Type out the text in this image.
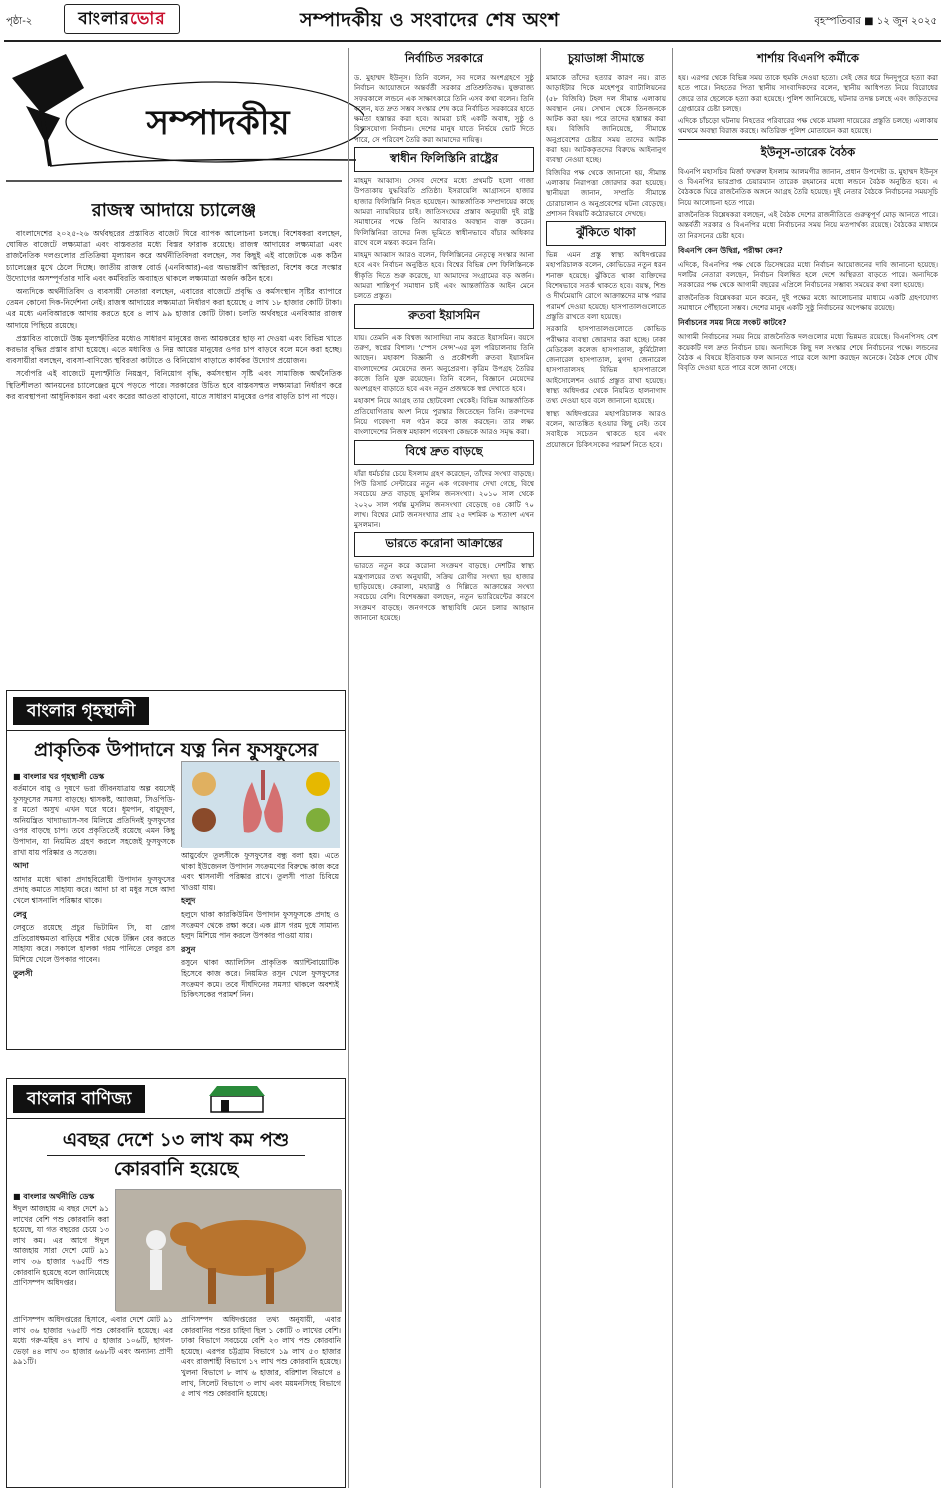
পৃষ্ঠা-২	বাংলারভোর	সম্পাদকীয় ও সংবাদের শেষ অংশ	বৃহস্পতিবার ■ ১২ জুন ২০২৫
সম্পাদকীয়
রাজস্ব আদায়ে চ্যালেঞ্জ

বাংলাদেশের ২০২৫-২৬ অর্থবছরের প্রস্তাবিত বাজেট ঘিরে ব্যাপক আলোচনা চলছে। বিশেষকরা বলছেন, ঘোষিত বাজেটে লক্ষ্যমাত্রা এবং বাস্তবতার মধ্যে বিস্তর ফারাক রয়েছে। রাজস্ব আদায়ের লক্ষ্যমাত্রা এবং রাজনৈতিক দলগুলোর প্রতিক্রিয়া মূল্যায়ন করে অর্থনীতিবিদরা বলছেন, সব কিছুই এই বাজেটকে এক কঠিন চ্যালেঞ্জের মুখে ঠেলে দিচ্ছে। জাতীয় রাজস্ব বোর্ড (এনবিআর)-এর অভ্যন্তরীণ অস্থিরতা, বিশেষ করে সংস্কার উদ্যোগের অসম্পূর্ণতার দাবি এবং কর্মবিরতি অব্যাহত থাকলে লক্ষ্যমাত্রা অর্জন কঠিন হবে।

অন্যদিকে অর্থনীতিবিদ ও ব্যবসায়ী নেতারা বলছেন, এবারের বাজেটে প্রবৃদ্ধি ও কর্মসংস্থান সৃষ্টির ব্যাপারে তেমন কোনো দিক-নির্দেশনা নেই। রাজস্ব আদায়ের লক্ষ্যমাত্রা নির্ধারণ করা হয়েছে ৫ লাখ ১৮ হাজার কোটি টাকা। এর মধ্যে এনবিআরকে আদায় করতে হবে ৪ লাখ ৯৯ হাজার কোটি টাকা। চলতি অর্থবছরে এনবিআর রাজস্ব আদায়ে পিছিয়ে রয়েছে।

প্রস্তাবিত বাজেটে উচ্চ মূল্যস্ফীতির মধ্যেও সাধারণ মানুষের জন্য আয়করের ছাড় না দেওয়া এবং বিভিন্ন খাতে করভার বৃদ্ধির প্রস্তাব রাখা হয়েছে। এতে মধ্যবিত্ত ও নিম্ন আয়ের মানুষের ওপর চাপ বাড়বে বলে মনে করা হচ্ছে। ব্যবসায়ীরা বলছেন, ব্যবসা-বাণিজ্যে স্থবিরতা কাটাতে ও বিনিয়োগ বাড়াতে কার্যকর উদ্যোগ প্রয়োজন।

সর্বোপরি এই বাজেটে মূল্যস্ফীতি নিয়ন্ত্রণ, বিনিয়োগ বৃদ্ধি, কর্মসংস্থান সৃষ্টি এবং সামাজিক অর্থনৈতিক স্থিতিশীলতা আনয়নের চ্যালেঞ্জের মুখে পড়তে পারে। সরকারের উচিত হবে বাস্তবসম্মত লক্ষ্যমাত্রা নির্ধারণ করে কর ব্যবস্থাপনা আধুনিকায়ন করা এবং করের আওতা বাড়ানো, যাতে সাধারণ মানুষের ওপর বাড়তি চাপ না পড়ে।

বাংলার গৃহস্থালী
প্রাকৃতিক উপাদানে যত্ন নিন ফুসফুসের
■ বাংলার ঘর গৃহস্থালী ডেস্ক

বর্তমানে বায়ু ও দূষণে ভরা জীবনযাত্রায় অল্প বয়সেই ফুসফুসের সমস্যা বাড়ছে। শ্বাসকষ্ট, অ্যাজমা, সিওপিডি-র মতো অসুখ এখন ঘরে ঘরে। ধূমপান, বায়ুদূষণ, অনিয়ন্ত্রিত খাদ্যাভ্যাস-সব মিলিয়ে প্রতিদিনই ফুসফুসের ওপর বাড়ছে চাপ। তবে প্রকৃতিতেই রয়েছে এমন কিছু উপাদান, যা নিয়মিত গ্রহণ করলে সহজেই ফুসফুসকে রাখা যায় পরিষ্কার ও সতেজ।

আদা

আদার মধ্যে থাকা প্রদাহবিরোধী উপাদান ফুসফুসের প্রদাহ কমাতে সাহায্য করে। আদা চা বা মধুর সঙ্গে আদা খেলে শ্বাসনালি পরিষ্কার থাকে।

লেবু

লেবুতে রয়েছে প্রচুর ভিটামিন সি, যা রোগ প্রতিরোধক্ষমতা বাড়িয়ে শরীর থেকে টক্সিন বের করতে সাহায্য করে। সকালে হালকা গরম পানিতে লেবুর রস মিশিয়ে খেলে উপকার পাবেন।

তুলসী

আয়ুর্বেদে তুলসীকে ফুসফুসের বন্ধু বলা হয়। এতে থাকা ইউজেনল উপাদান সংক্রমণের বিরুদ্ধে কাজ করে এবং শ্বাসনালী পরিষ্কার রাখে। তুলসী পাতা চিবিয়ে খাওয়া যায়।

হলুদ

হলুদে থাকা কারকিউমিন উপাদান ফুসফুসকে প্রদাহ ও সংক্রমণ থেকে রক্ষা করে। এক গ্লাস গরম দুধে সামান্য হলুদ মিশিয়ে পান করলে উপকার পাওয়া যায়।

রসুন

রসুনে থাকা অ্যালিসিন প্রাকৃতিক অ্যান্টিবায়োটিক হিসেবে কাজ করে। নিয়মিত রসুন খেলে ফুসফুসের সংক্রমণ কমে। তবে দীর্ঘদিনের সমস্যা থাকলে অবশ্যই চিকিৎসকের পরামর্শ নিন।

বাংলার বাণিজ্য
এবছর দেশে ১৩ লাখ কম পশু
কোরবানি হয়েছে
■ বাংলার অর্থনীতি ডেস্ক

ঈদুল আজহায় এ বছর দেশে ৯১ লাখের বেশি পশু কোরবানি করা হয়েছে, যা গত বছরের চেয়ে ১৩ লাখ কম। এর আগে ঈদুল আজহায় সারা দেশে মোট ৯১ লাখ ৩৬ হাজার ৭৬৫টি পশু কোরবানি হয়েছে বলে জানিয়েছে প্রাণিসম্পদ অধিদপ্তর।

প্রাণিসম্পদ অধিদপ্তরের হিসাবে, এবার দেশে মোট ৯১ লাখ ৩৬ হাজার ৭৬৫টি পশু কোরবানি হয়েছে। এর মধ্যে গরু-মহিষ ৪৭ লাখ ৫ হাজার ১০৬টি, ছাগল-ভেড়া ৪৪ লাখ ৩০ হাজার ৬৬৮টি এবং অন্যান্য প্রাণী ৯৯১টি।

প্রাণিসম্পদ অধিদপ্তরের তথ্য অনুযায়ী, এবার কোরবানির পশুর চাহিদা ছিল ১ কোটি ৩ লাখের বেশি। ঢাকা বিভাগে সবচেয়ে বেশি ২৩ লাখ পশু কোরবানি হয়েছে। এরপর চট্টগ্রাম বিভাগে ১৯ লাখ ৫৩ হাজার এবং রাজশাহী বিভাগে ১৭ লাখ পশু কোরবানি হয়েছে। খুলনা বিভাগে ৮ লাখ ৬ হাজার, বরিশাল বিভাগে ৪ লাখ, সিলেট বিভাগে ৩ লাখ এবং ময়মনসিংহ বিভাগে ৫ লাখ পশু কোরবানি হয়েছে।

নির্বাচিত সরকারে

ড. মুহাম্মদ ইউনূস। তিনি বলেন, সব দলের অংশগ্রহণে সুষ্ঠু নির্বাচন আয়োজনে অন্তর্বর্তী সরকার প্রতিশ্রুতিবদ্ধ। যুক্তরাজ্য সফরকালে লন্ডনে এক সাক্ষাৎকারে তিনি এসব কথা বলেন। তিনি বলেন, যত দ্রুত সম্ভব সংস্কার শেষ করে নির্বাচিত সরকারের হাতে ক্ষমতা হস্তান্তর করা হবে। আমরা চাই একটি অবাধ, সুষ্ঠু ও বিশ্বাসযোগ্য নির্বাচন। দেশের মানুষ যাতে নির্ভয়ে ভোট দিতে পারে, সে পরিবেশ তৈরি করা আমাদের দায়িত্ব।

স্বাধীন ফিলিস্তিনি রাষ্ট্রের

মাহমুদ আব্বাস। সেসব দেশের মধ্যে প্রথমটি হলো গাজা উপত্যকায় যুদ্ধবিরতি প্রতিষ্ঠা। ইসরায়েলি আগ্রাসনে হাজার হাজার ফিলিস্তিনি নিহত হয়েছেন। আন্তর্জাতিক সম্প্রদায়ের কাছে আমরা ন্যায়বিচার চাই। জাতিসংঘের প্রস্তাব অনুযায়ী দুই রাষ্ট্র সমাধানের পক্ষে তিনি আবারও অবস্থান ব্যক্ত করেন। ফিলিস্তিনিরা তাদের নিজ ভূমিতে স্বাধীনভাবে বাঁচার অধিকার রাখে বলে মন্তব্য করেন তিনি।

মাহমুদ আব্বাস আরও বলেন, ফিলিস্তিনের নেতৃত্বে সংস্কার আনা হবে এবং নির্বাচন অনুষ্ঠিত হবে। বিশ্বের বিভিন্ন দেশ ফিলিস্তিনকে স্বীকৃতি দিতে শুরু করেছে, যা আমাদের সংগ্রামের বড় অর্জন। আমরা শান্তিপূর্ণ সমাধান চাই এবং আন্তর্জাতিক আইন মেনে চলতে প্রস্তুত।

রুতবা ইয়াসমিন

যায়। তেমনি এক বিশ্বজ আসাদিয়া নাম করতে ইয়াসমিন। বয়সে তরুণ, স্বপ্নের বিশাল। 'স্পেস সেন্স'-এর মূল পরিচালনায় তিনি আছেন। মহাকাশ বিজ্ঞানী ও প্রকৌশলী রুতবা ইয়াসমিন বাংলাদেশের মেয়েদের জন্য অনুপ্রেরণা। কৃত্রিম উপগ্রহ তৈরির কাজে তিনি যুক্ত রয়েছেন। তিনি বলেন, বিজ্ঞানে মেয়েদের অংশগ্রহণ বাড়াতে হবে এবং নতুন প্রজন্মকে স্বপ্ন দেখাতে হবে।

মহাকাশ নিয়ে আগ্রহ তার ছোটবেলা থেকেই। বিভিন্ন আন্তর্জাতিক প্রতিযোগিতায় অংশ নিয়ে পুরস্কার জিতেছেন তিনি। তরুণদের নিয়ে গবেষণা দল গঠন করে কাজ করছেন। তার লক্ষ্য বাংলাদেশের নিজস্ব মহাকাশ গবেষণা কেন্দ্রকে আরও সমৃদ্ধ করা।

বিশ্বে দ্রুত বাড়ছে

যাঁরা ধর্মচর্চার চেয়ে ইসলাম গ্রহণ করেছেন, তাঁদের সংখ্যা বাড়ছে। পিউ রিসার্চ সেন্টারের নতুন এক গবেষণায় দেখা গেছে, বিশ্বে সবচেয়ে দ্রুত বাড়ছে মুসলিম জনসংখ্যা। ২০১০ সাল থেকে ২০২০ সাল পর্যন্ত মুসলিম জনসংখ্যা বেড়েছে ৩৪ কোটি ৭০ লাখ। বিশ্বের মোট জনসংখ্যার প্রায় ২৫ দশমিক ৬ শতাংশ এখন মুসলমান।

ভারতে করোনা আক্রান্তের

ভারতে নতুন করে করোনা সংক্রমণ বাড়ছে। দেশটির স্বাস্থ্য মন্ত্রণালয়ের তথ্য অনুযায়ী, সক্রিয় রোগীর সংখ্যা ছয় হাজার ছাড়িয়েছে। কেরালা, মহারাষ্ট্র ও দিল্লিতে আক্রান্তের সংখ্যা সবচেয়ে বেশি। বিশেষজ্ঞরা বলছেন, নতুন ভ্যারিয়েন্টের কারণে সংক্রমণ বাড়ছে। জনগণকে স্বাস্থ্যবিধি মেনে চলার আহ্বান জানানো হয়েছে।

চুয়াডাঙ্গা সীমান্তে

মামাকে তাঁদের হত্যার কারণ নয়। রাত আড়াইটার দিকে মহেশপুর ব্যাটালিয়নের (৫৮ বিজিবি) টহল দল সীমান্ত এলাকায় অবস্থান নেয়। সেখান থেকে তিনজনকে আটক করা হয়। পরে তাদের হস্তান্তর করা হয়। বিজিবি জানিয়েছে, সীমান্তে অনুপ্রবেশের চেষ্টার সময় তাদের আটক করা হয়। আটককৃতদের বিরুদ্ধে আইনানুগ ব্যবস্থা নেওয়া হচ্ছে।

বিজিবির পক্ষ থেকে জানানো হয়, সীমান্ত এলাকায় নিরাপত্তা জোরদার করা হয়েছে। স্থানীয়রা জানান, সম্প্রতি সীমান্তে চোরাচালান ও অনুপ্রবেশের ঘটনা বেড়েছে। প্রশাসন বিষয়টি কঠোরভাবে দেখছে।

ঝুঁকিতে থাকা

ভিন্ন এমন প্রস্তু স্বাস্থ্য অধিদপ্তরের মহাপরিচালক বলেন, কোভিডের নতুন ধরন শনাক্ত হয়েছে। ঝুঁকিতে থাকা ব্যক্তিদের বিশেষভাবে সতর্ক থাকতে হবে। বয়স্ক, শিশু ও দীর্ঘমেয়াদি রোগে আক্রান্তদের মাস্ক পরার পরামর্শ দেওয়া হয়েছে। হাসপাতালগুলোতে প্রস্তুতি রাখতে বলা হয়েছে।

সরকারি হাসপাতালগুলোতে কোভিড পরীক্ষার ব্যবস্থা জোরদার করা হচ্ছে। ঢাকা মেডিকেল কলেজ হাসপাতাল, কুর্মিটোলা জেনারেল হাসপাতাল, মুগদা জেনারেল হাসপাতালসহ বিভিন্ন হাসপাতালে আইসোলেশন ওয়ার্ড প্রস্তুত রাখা হয়েছে। স্বাস্থ্য অধিদপ্তর থেকে নিয়মিত হালনাগাদ তথ্য দেওয়া হবে বলে জানানো হয়েছে।

স্বাস্থ্য অধিদপ্তরের মহাপরিচালক আরও বলেন, আতঙ্কিত হওয়ার কিছু নেই। তবে সবাইকে সচেতন থাকতে হবে এবং প্রয়োজনে চিকিৎসকের পরামর্শ নিতে হবে।

শার্শায় বিএনপি কর্মীকে

হয়। এরপর থেকে বিভিন্ন সময় তাকে হুমকি দেওয়া হতো। সেই জের ধরে দিনদুপুরে হত্যা করা হতে পারে। নিহতের পিতা স্থানীয় সাংবাদিকদের বলেন, স্থানীয় আধিপত্য নিয়ে বিরোধের জেরে তার ছেলেকে হত্যা করা হয়েছে। পুলিশ জানিয়েছে, ঘটনার তদন্ত চলছে এবং জড়িতদের গ্রেপ্তারের চেষ্টা চলছে।

এদিকে চাঁচড়ো ঘটনায় নিহতের পরিবারের পক্ষ থেকে মামলা দায়েরের প্রস্তুতি চলছে। এলাকায় থমথমে অবস্থা বিরাজ করছে। অতিরিক্ত পুলিশ মোতায়েন করা হয়েছে।

ইউনূস-তারেক বৈঠক

বিএনপি মহাসচিব মির্জা ফখরুল ইসলাম আলমগীর জানান, প্রধান উপদেষ্টা ড. মুহাম্মদ ইউনূস ও বিএনপির ভারপ্রাপ্ত চেয়ারম্যান তারেক রহমানের মধ্যে লন্ডনে বৈঠক অনুষ্ঠিত হবে। এ বৈঠককে ঘিরে রাজনৈতিক অঙ্গনে আগ্রহ তৈরি হয়েছে। দুই নেতার বৈঠকে নির্বাচনের সময়সূচি নিয়ে আলোচনা হতে পারে।

রাজনৈতিক বিশ্লেষকরা বলছেন, এই বৈঠক দেশের রাজনীতিতে গুরুত্বপূর্ণ মোড় আনতে পারে। অন্তর্বর্তী সরকার ও বিএনপির মধ্যে নির্বাচনের সময় নিয়ে মতপার্থক্য রয়েছে। বৈঠকের মাধ্যমে তা নিরসনের চেষ্টা হবে।

বিএনপি কেন উদ্বিগ্ন, পরীক্ষা কেন?

এদিকে, বিএনপির পক্ষ থেকে ডিসেম্বরের মধ্যে নির্বাচন আয়োজনের দাবি জানানো হয়েছে। দলটির নেতারা বলছেন, নির্বাচন বিলম্বিত হলে দেশে অস্থিরতা বাড়তে পারে। অন্যদিকে সরকারের পক্ষ থেকে আগামী বছরের এপ্রিলে নির্বাচনের সম্ভাব্য সময়ের কথা বলা হয়েছে।

রাজনৈতিক বিশ্লেষকরা মনে করেন, দুই পক্ষের মধ্যে আলোচনার মাধ্যমে একটি গ্রহণযোগ্য সমাধানে পৌঁছানো সম্ভব। দেশের মানুষ একটি সুষ্ঠু নির্বাচনের অপেক্ষায় রয়েছে।

নির্বাচনের সময় নিয়ে সংকট কাটবে?

আগামী নির্বাচনের সময় নিয়ে রাজনৈতিক দলগুলোর মধ্যে ভিন্নমত রয়েছে। বিএনপিসহ বেশ কয়েকটি দল দ্রুত নির্বাচন চায়। অন্যদিকে কিছু দল সংস্কার শেষে নির্বাচনের পক্ষে। লন্ডনের বৈঠক এ বিষয়ে ইতিবাচক ফল আনতে পারে বলে আশা করছেন অনেকে। বৈঠক শেষে যৌথ বিবৃতি দেওয়া হতে পারে বলে জানা গেছে।
